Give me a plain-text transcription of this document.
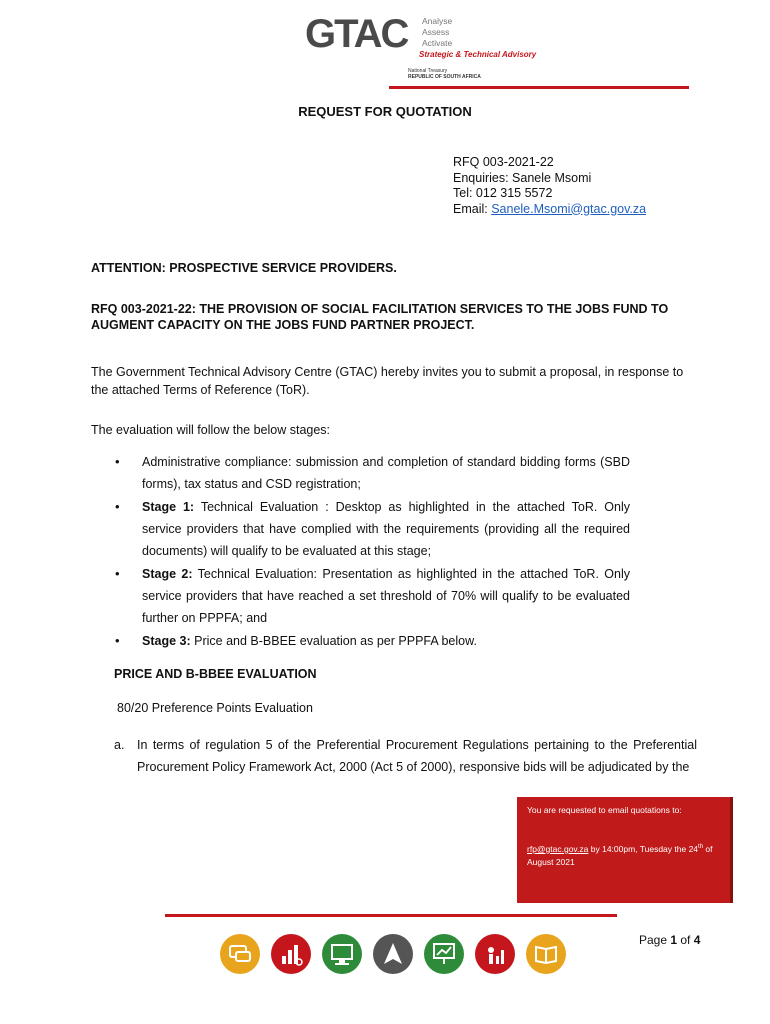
GTAC Analyse
Assess
Activate
Strategic & Technical Advisory
National Treasury
REPUBLIC OF SOUTH AFRICA
REQUEST FOR QUOTATION
RFQ 003-2021-22
Enquiries: Sanele Msomi
Tel: 012 315 5572
Email: Sanele.Msomi@gtac.gov.za

ATTENTION: PROSPECTIVE SERVICE PROVIDERS.

RFQ 003-2021-22: THE PROVISION OF SOCIAL FACILITATION SERVICES TO THE JOBS FUND TO AUGMENT CAPACITY ON THE JOBS FUND PARTNER PROJECT.

The Government Technical Advisory Centre (GTAC) hereby invites you to submit a proposal, in response to the attached Terms of Reference (ToR).

The evaluation will follow the below stages:

• Administrative compliance: submission and completion of standard bidding forms (SBD forms), tax status and CSD registration;
• Stage 1: Technical Evaluation : Desktop as highlighted in the attached ToR. Only service providers that have complied with the requirements (providing all the required documents) will qualify to be evaluated at this stage;
• Stage 2: Technical Evaluation: Presentation as highlighted in the attached ToR. Only service providers that have reached a set threshold of 70% will qualify to be evaluated further on PPPFA; and
• Stage 3: Price and B-BBEE evaluation as per PPPFA below.

PRICE AND B-BBEE EVALUATION

80/20 Preference Points Evaluation

a. In terms of regulation 5 of the Preferential Procurement Regulations pertaining to the Preferential Procurement Policy Framework Act, 2000 (Act 5 of 2000), responsive bids will be adjudicated by the
You are requested to email quotations to:
rfp@gtac.gov.za by 14:00pm, Tuesday the 24th of August 2021
Page 1 of 4
